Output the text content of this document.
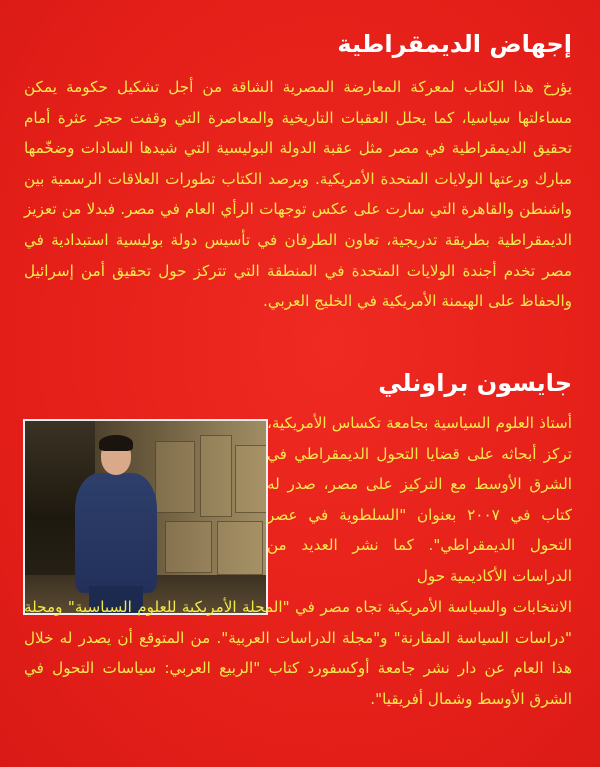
إجهاض الديمقراطية
يؤرخ هذا الكتاب لمعركة المعارضة المصرية الشاقة من أجل تشكيل حكومة يمكن مساءلتها سياسيا، كما يحلل العقبات التاريخية والمعاصرة التي وقفت حجر عثرة أمام تحقيق الديمقراطية في مصر مثل عقبة الدولة البوليسية التي شيدها السادات وضخّمها مبارك ورعتها الولايات المتحدة الأمريكية. ويرصد الكتاب تطورات العلاقات الرسمية بين واشنطن والقاهرة التي سارت على عكس توجهات الرأي العام في مصر. فبدلا من تعزيز الديمقراطية بطريقة تدريجية، تعاون الطرفان في تأسيس دولة بوليسية استبدادية في مصر تخدم أجندة الولايات المتحدة في المنطقة التي تتركز حول تحقيق أمن إسرائيل والحفاظ على الهيمنة الأمريكية في الخليج العربي.
جايسون براونلي
أستاذ العلوم السياسية بجامعة تكساس الأمريكية، تركز أبحاثه على قضايا التحول الديمقراطي في الشرق الأوسط مع التركيز على مصر، صدر له كتاب في ٢٠٠٧ بعنوان "السلطوية في عصر التحول الديمقراطي". كما نشر العديد من الدراسات الأكاديمية حول
الانتخابات والسياسة الأمريكية تجاه مصر في "المجلة الأمريكية للعلوم السياسية" ومجلة "دراسات السياسة المقارنة" و"مجلة الدراسات العربية". من المتوقع أن يصدر له خلال هذا العام عن دار نشر جامعة أوكسفورد كتاب "الربيع العربي: سياسات التحول في الشرق الأوسط وشمال أفريقيا".
